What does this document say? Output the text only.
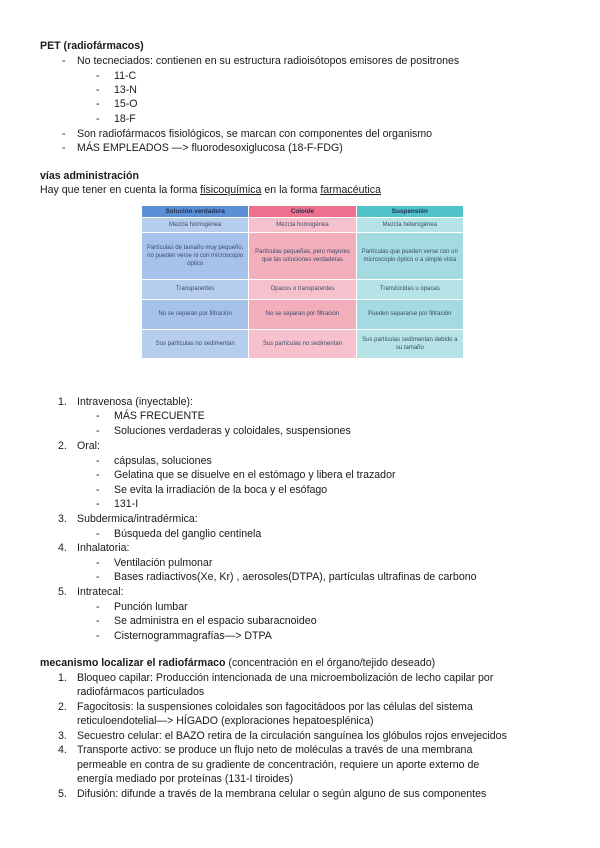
PET (radiofármacos)
- No tecneciados: contienen en su estructura radioisótopos emisores de positrones
- 11-C
- 13-N
- 15-O
- 18-F
- Son radiofármacos fisiológicos, se marcan con componentes del organismo
- MÁS EMPLEADOS —> fluorodesoxiglucosa (18-F-FDG)
vías administración
Hay que tener en cuenta la forma fisicoquímica en la forma farmacéutica
Solución verdadera	Coloide	Suspensión
Mezcla homogénea	Mezcla homogénea	Mezcla heterogénea
Partículas de tamaño muy pequeño, no pueden verse ni con microscopio óptico	Partículas pequeñas, pero mayores que las soluciones verdaderas	Partículas que pueden verse con un microscopio óptico o a simple vista
Transparentes	Opacos o transparentes	Translúcidas u opacas
No se separan por filtración	No se separan por filtración	Pueden separarse por filtración
Sus partículas no sedimentan	Sus partículas no sedimentan	Sus partículas sedimentan debido a su tamaño
1. Intravenosa (inyectable):
- MÁS FRECUENTE
- Soluciones verdaderas y coloidales, suspensiones
2. Oral:
- cápsulas, soluciones
- Gelatina que se disuelve en el estómago y libera el trazador
- Se evita la irradiación de la boca y el esófago
- 131-I
3. Subdermica/intradérmica:
- Búsqueda del ganglio centinela
4. Inhalatoria:
- Ventilación pulmonar
- Bases radiactivos(Xe, Kr) , aerosoles(DTPA), partículas ultrafinas de carbono
5. Intratecal:
- Punción lumbar
- Se administra en el espacio subaracnoideo
- Cisternogrammagrafías—> DTPA
mecanismo localizar el radiofármaco (concentración en el órgano/tejido deseado)
1. Bloqueo capilar: Producción intencionada de una microembolización de lecho capilar por
radiofármacos particulados
2. Fagocitosis: la suspensiones coloidales son fagocitádoos por las células del sistema
reticuloendotelial—> HÍGADO (exploraciones hepatoesplénica)
3. Secuestro celular: el BAZO retira de la circulación sanguínea los glóbulos rojos envejecidos
4. Transporte activo: se produce un flujo neto de moléculas a través de una membrana
permeable en contra de su gradiente de concentración, requiere un aporte externo de
energía mediado por proteínas (131-I tiroides)
5. Difusión: difunde a través de la membrana celular o según alguno de sus componentes
